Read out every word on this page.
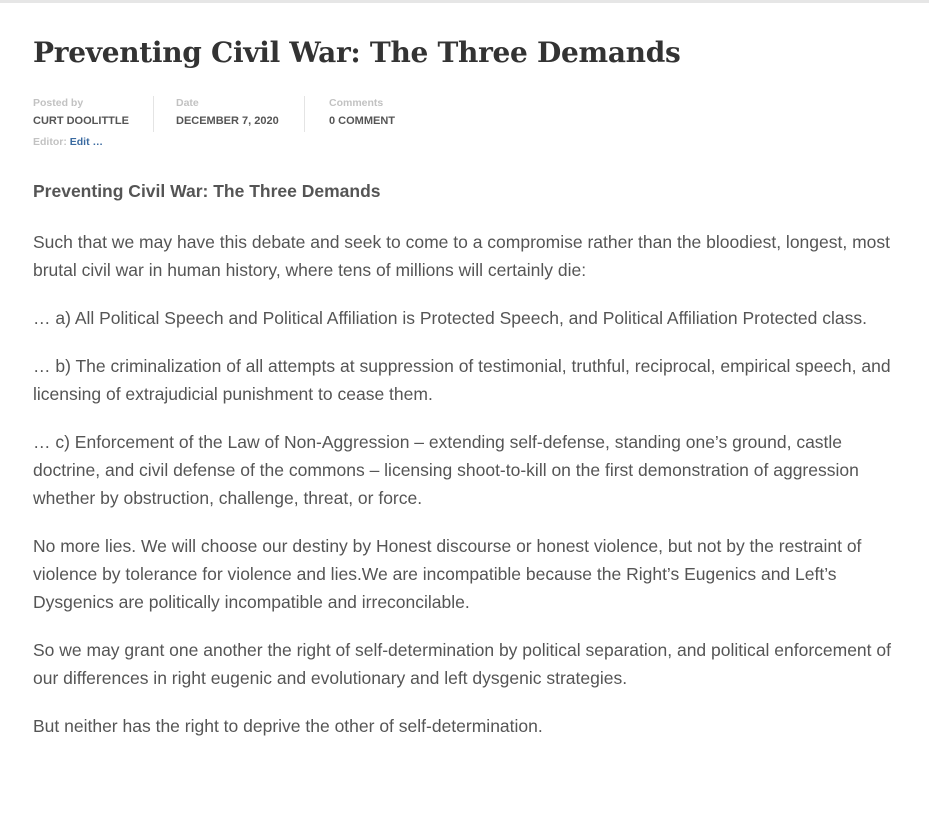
Preventing Civil War: The Three Demands
Posted by
CURT DOOLITTLE
Date
DECEMBER 7, 2020
Comments
0 COMMENT
Editor: Edit …

Preventing Civil War: The Three Demands

Such that we may have this debate and seek to come to a compromise rather than the bloodiest, longest, most brutal civil war in human history, where tens of millions will certainly die:

… a) All Political Speech and Political Affiliation is Protected Speech, and Political Affiliation Protected class.

… b) The criminalization of all attempts at suppression of testimonial, truthful, reciprocal, empirical speech, and licensing of extrajudicial punishment to cease them.

… c) Enforcement of the Law of Non-Aggression – extending self-defense, standing one’s ground, castle doctrine, and civil defense of the commons – licensing shoot-to-kill on the first demonstration of aggression whether by obstruction, challenge, threat, or force.

No more lies. We will choose our destiny by Honest discourse or honest violence, but not by the restraint of violence by tolerance for violence and lies.We are incompatible because the Right’s Eugenics and Left’s Dysgenics are politically incompatible and irreconcilable.

So we may grant one another the right of self-determination by political separation, and political enforcement of our differences in right eugenic and evolutionary and left dysgenic strategies.

But neither has the right to deprive the other of self-determination.
